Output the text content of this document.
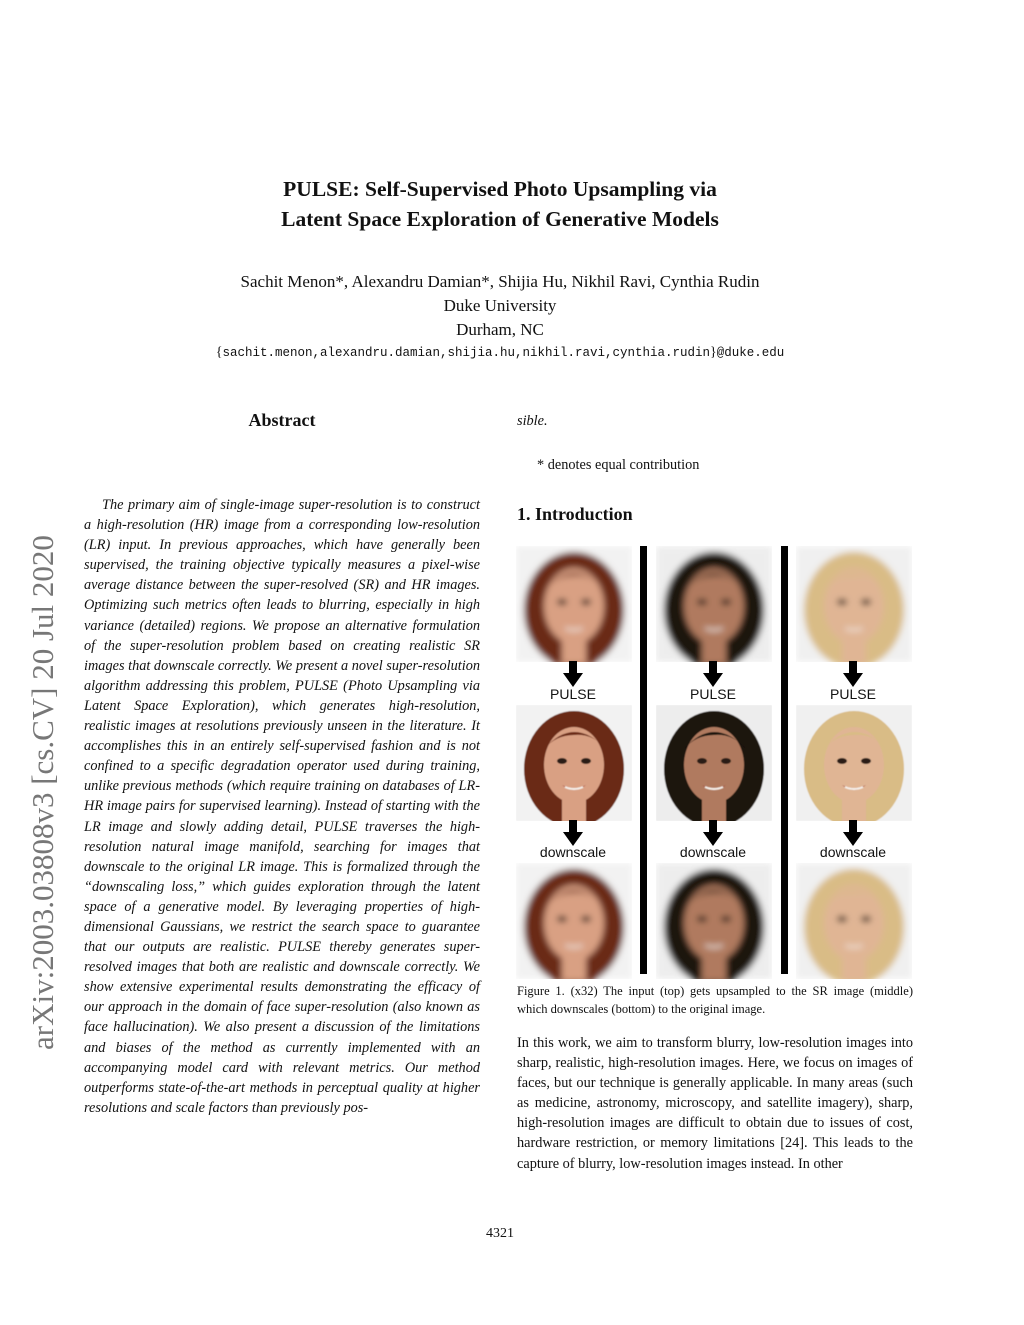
arXiv:2003.03808v3 [cs.CV] 20 Jul 2020
PULSE: Self-Supervised Photo Upsampling via
Latent Space Exploration of Generative Models
Sachit Menon*, Alexandru Damian*, Shijia Hu, Nikhil Ravi, Cynthia Rudin
Duke University
Durham, NC
{sachit.menon,alexandru.damian,shijia.hu,nikhil.ravi,cynthia.rudin}@duke.edu
Abstract
The primary aim of single-image super-resolution is to construct a high-resolution (HR) image from a corresponding low-resolution (LR) input. In previous approaches, which have generally been supervised, the training objective typically measures a pixel-wise average distance between the super-resolved (SR) and HR images. Optimizing such metrics often leads to blurring, especially in high variance (detailed) regions. We propose an alternative formulation of the super-resolution problem based on creating realistic SR images that downscale correctly. We present a novel super-resolution algorithm addressing this problem, PULSE (Photo Upsampling via Latent Space Exploration), which generates high-resolution, realistic images at resolutions previously unseen in the literature. It accomplishes this in an entirely self-supervised fashion and is not confined to a specific degradation operator used during training, unlike previous methods (which require training on databases of LR-HR image pairs for supervised learning). Instead of starting with the LR image and slowly adding detail, PULSE traverses the high-resolution natural image manifold, searching for images that downscale to the original LR image. This is formalized through the “downscaling loss,” which guides exploration through the latent space of a generative model. By leveraging properties of high-dimensional Gaussians, we restrict the search space to guarantee that our outputs are realistic. PULSE thereby generates super-resolved images that both are realistic and downscale correctly. We show extensive experimental results demonstrating the efficacy of our approach in the domain of face super-resolution (also known as face hallucination). We also present a discussion of the limitations and biases of the method as currently implemented with an accompanying model card with relevant metrics. Our method outperforms state-of-the-art methods in perceptual quality at higher resolutions and scale factors than previously pos-
sible.
* denotes equal contribution
1. Introduction
PULSE
downscale
PULSE
downscale
PULSE
downscale
Figure 1. (x32) The input (top) gets upsampled to the SR image (middle) which downscales (bottom) to the original image.
In this work, we aim to transform blurry, low-resolution images into sharp, realistic, high-resolution images. Here, we focus on images of faces, but our technique is generally applicable. In many areas (such as medicine, astronomy, microscopy, and satellite imagery), sharp, high-resolution images are difficult to obtain due to issues of cost, hardware restriction, or memory limitations [24]. This leads to the capture of blurry, low-resolution images instead. In other
4321
